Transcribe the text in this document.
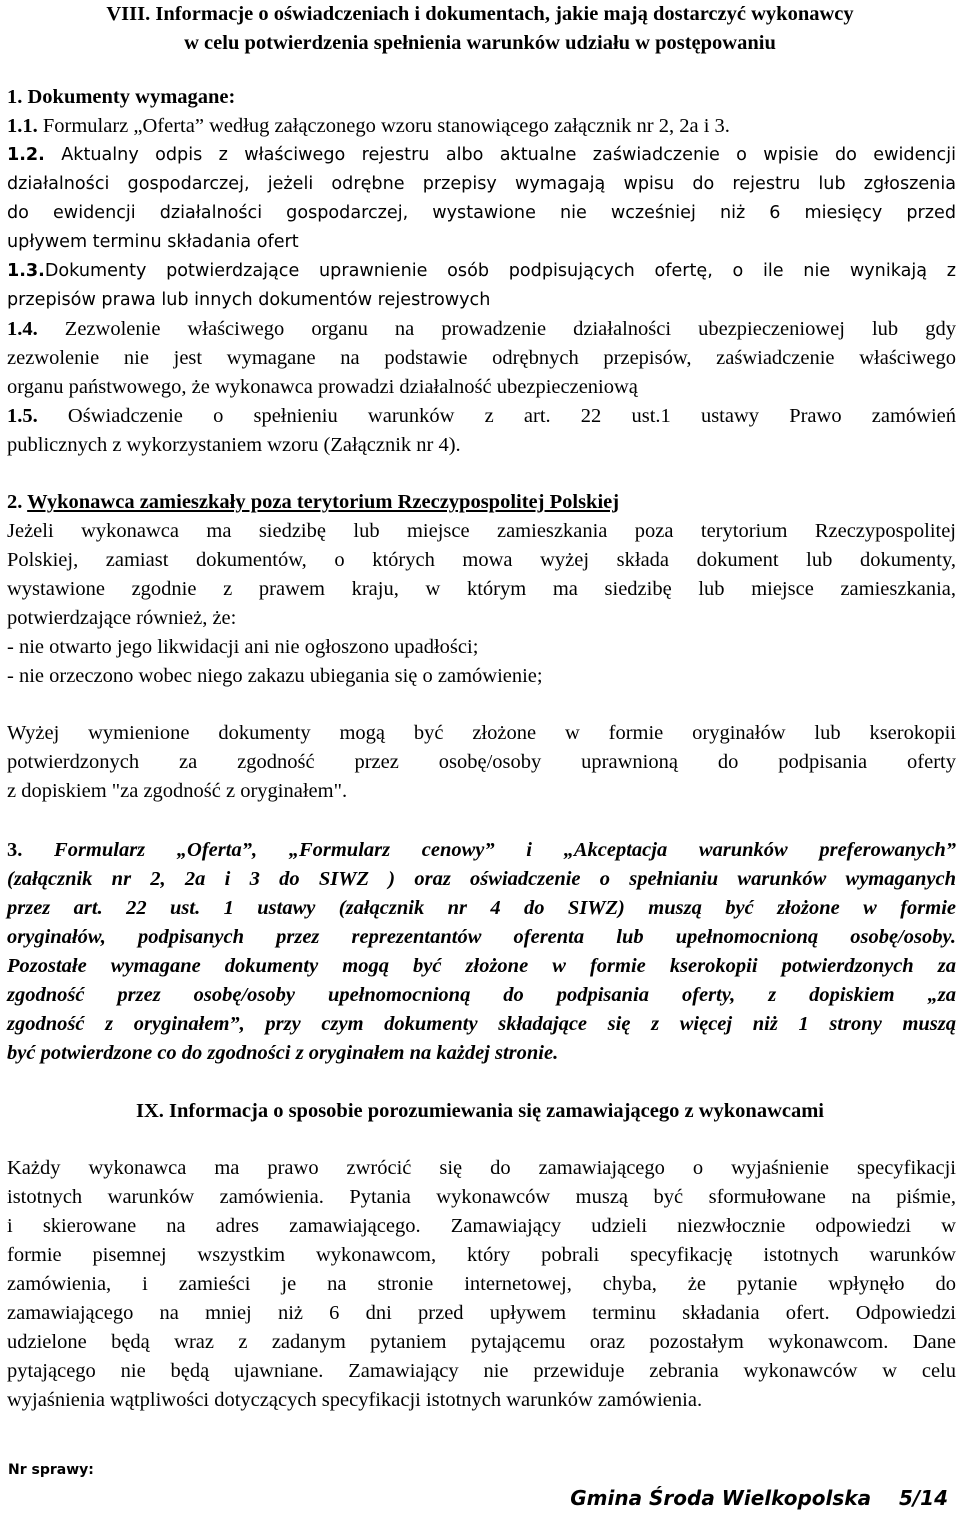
VIII. Informacje o oświadczeniach i dokumentach, jakie mają dostarczyć wykonawcy
w celu potwierdzenia spełnienia warunków udziału w postępowaniu
1. Dokumenty wymagane:
1.1. Formularz „Oferta” według załączonego wzoru stanowiącego załącznik nr 2, 2a i 3.
1.2. Aktualny odpis z właściwego rejestru albo aktualne zaświadczenie o wpisie do ewidencji
działalności gospodarczej, jeżeli odrębne przepisy wymagają wpisu do rejestru lub zgłoszenia
do ewidencji działalności gospodarczej, wystawione nie wcześniej niż 6 miesięcy przed
upływem terminu składania ofert
1.3.Dokumenty potwierdzające uprawnienie osób podpisujących ofertę, o ile nie wynikają z
przepisów prawa lub innych dokumentów rejestrowych
1.4. Zezwolenie właściwego organu na prowadzenie działalności ubezpieczeniowej lub gdy
zezwolenie nie jest wymagane na podstawie odrębnych przepisów, zaświadczenie właściwego
organu państwowego, że wykonawca prowadzi działalność ubezpieczeniową
1.5. Oświadczenie o spełnieniu warunków z art. 22 ust.1 ustawy Prawo zamówień
publicznych z wykorzystaniem wzoru (Załącznik nr 4).
2. Wykonawca zamieszkały poza terytorium Rzeczypospolitej Polskiej
Jeżeli wykonawca ma siedzibę lub miejsce zamieszkania poza terytorium Rzeczypospolitej
Polskiej, zamiast dokumentów, o których mowa wyżej składa dokument lub dokumenty,
wystawione zgodnie z prawem kraju, w którym ma siedzibę lub miejsce zamieszkania,
potwierdzające również, że:
- nie otwarto jego likwidacji ani nie ogłoszono upadłości;
- nie orzeczono wobec niego zakazu ubiegania się o zamówienie;
Wyżej wymienione dokumenty mogą być złożone w formie oryginałów lub kserokopii
potwierdzonych za zgodność przez osobę/osoby uprawnioną do podpisania oferty
z dopiskiem "za zgodność z oryginałem".
3. Formularz „Oferta”, „Formularz cenowy” i „Akceptacja warunków preferowanych”
(załącznik nr 2, 2a i 3 do SIWZ ) oraz oświadczenie o spełnianiu warunków wymaganych
przez art. 22 ust. 1 ustawy (załącznik nr 4 do SIWZ) muszą być złożone w formie
oryginałów, podpisanych przez reprezentantów oferenta lub upełnomocnioną osobę/osoby.
Pozostałe wymagane dokumenty mogą być złożone w formie kserokopii potwierdzonych za
zgodność przez osobę/osoby upełnomocnioną do podpisania oferty, z dopiskiem „za
zgodność z oryginałem”, przy czym dokumenty składające się z więcej niż 1 strony muszą
być potwierdzone co do zgodności z oryginałem na każdej stronie.
IX. Informacja o sposobie porozumiewania się zamawiającego z wykonawcami
Każdy wykonawca ma prawo zwrócić się do zamawiającego o wyjaśnienie specyfikacji
istotnych warunków zamówienia. Pytania wykonawców muszą być sformułowane na piśmie,
i skierowane na adres zamawiającego. Zamawiający udzieli niezwłocznie odpowiedzi w
formie pisemnej wszystkim wykonawcom, który pobrali specyfikację istotnych warunków
zamówienia, i zamieści je na stronie internetowej, chyba, że pytanie wpłynęło do
zamawiającego na mniej niż 6 dni przed upływem terminu składania ofert. Odpowiedzi
udzielone będą wraz z zadanym pytaniem pytającemu oraz pozostałym wykonawcom. Dane
pytającego nie będą ujawniane. Zamawiający nie przewiduje zebrania wykonawców w celu
wyjaśnienia wątpliwości dotyczących specyfikacji istotnych warunków zamówienia.
Nr sprawy:
Gmina Środa Wielkopolska    5/14
